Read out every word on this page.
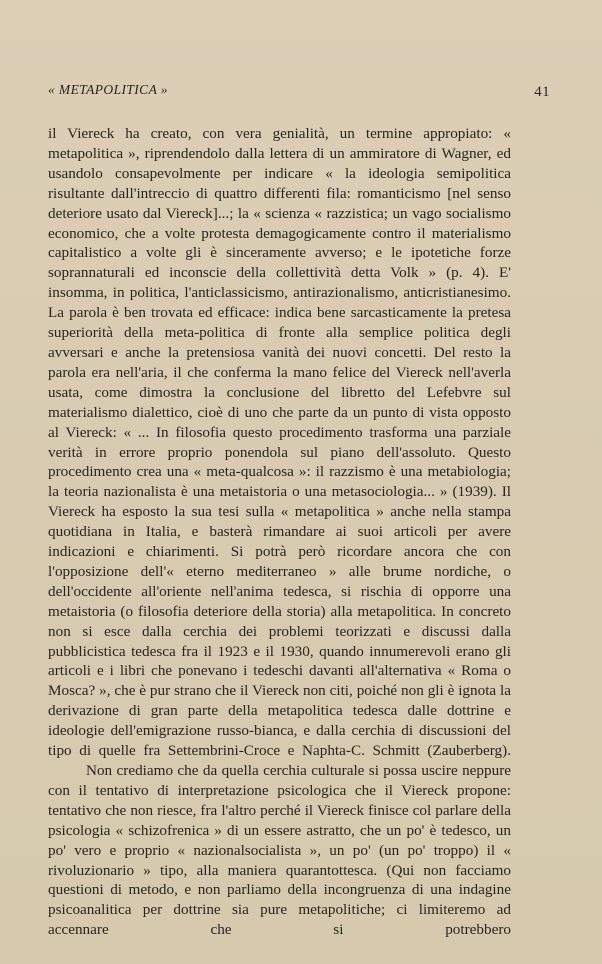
« METAPOLITICA »	41

il Viereck ha creato, con vera genialità, un termine appropiato: « metapolitica », riprendendolo dalla lettera di un ammiratore di Wagner, ed usandolo consapevolmente per indicare « la ideologia semipolitica risultante dall'intreccio di quattro differenti fila: romanticismo [nel senso deteriore usato dal Viereck]...; la « scienza « razzistica; un vago socialismo economico, che a volte protesta demagogicamente contro il materialismo capitalistico a volte gli è sinceramente avverso; e le ipotetiche forze soprannaturali ed inconscie della collettività detta Volk » (p. 4). E' insomma, in politica, l'anticlassicismo, antirazionalismo, anticristianesimo. La parola è ben trovata ed efficace: indica bene sarcasticamente la pretesa superiorità della meta-politica di fronte alla semplice politica degli avversari e anche la pretensiosa vanità dei nuovi concetti. Del resto la parola era nell'aria, il che conferma la mano felice del Viereck nell'averla usata, come dimostra la conclusione del libretto del Lefebvre sul materialismo dialettico, cioè di uno che parte da un punto di vista opposto al Viereck: « ... In filosofia questo procedimento trasforma una parziale verità in errore proprio ponendola sul piano dell'assoluto. Questo procedimento crea una « meta-qualcosa »: il razzismo è una metabiologia; la teoria nazionalista è una metaistoria o una metasociologia... » (1939). Il Viereck ha esposto la sua tesi sulla « metapolitica » anche nella stampa quotidiana in Italia, e basterà rimandare ai suoi articoli per avere indicazioni e chiarimenti. Si potrà però ricordare ancora che con l'opposizione dell'« eterno mediterraneo » alle brume nordiche, o dell'occidente all'oriente nell'anima tedesca, si rischia di opporre una metaistoria (o filosofia deteriore della storia) alla metapolitica. In concreto non si esce dalla cerchia dei problemi teorizzati e discussi dalla pubblicistica tedesca fra il 1923 e il 1930, quando innumerevoli erano gli articoli e i libri che ponevano i tedeschi davanti all'alternativa « Roma o Mosca? », che è pur strano che il Viereck non citi, poiché non gli è ignota la derivazione di gran parte della metapolitica tedesca dalle dottrine e ideologie dell'emigrazione russo-bianca, e dalla cerchia di discussioni del tipo di quelle fra Settembrini-Croce e Naphta-C. Schmitt (Zauberberg).

Non crediamo che da quella cerchia culturale si possa uscire neppure con il tentativo di interpretazione psicologica che il Viereck propone: tentativo che non riesce, fra l'altro perché il Viereck finisce col parlare della psicologia « schizofrenica » di un essere astratto, che un po' è tedesco, un po' vero e proprio « nazionalsocialista », un po' (un po' troppo) il « rivoluzionario » tipo, alla maniera quarantottesca. (Qui non facciamo questioni di metodo, e non parliamo della incongruenza di una indagine psicoanalitica per dottrine sia pure metapolitiche; ci limiteremo ad accennare che si potrebbero
